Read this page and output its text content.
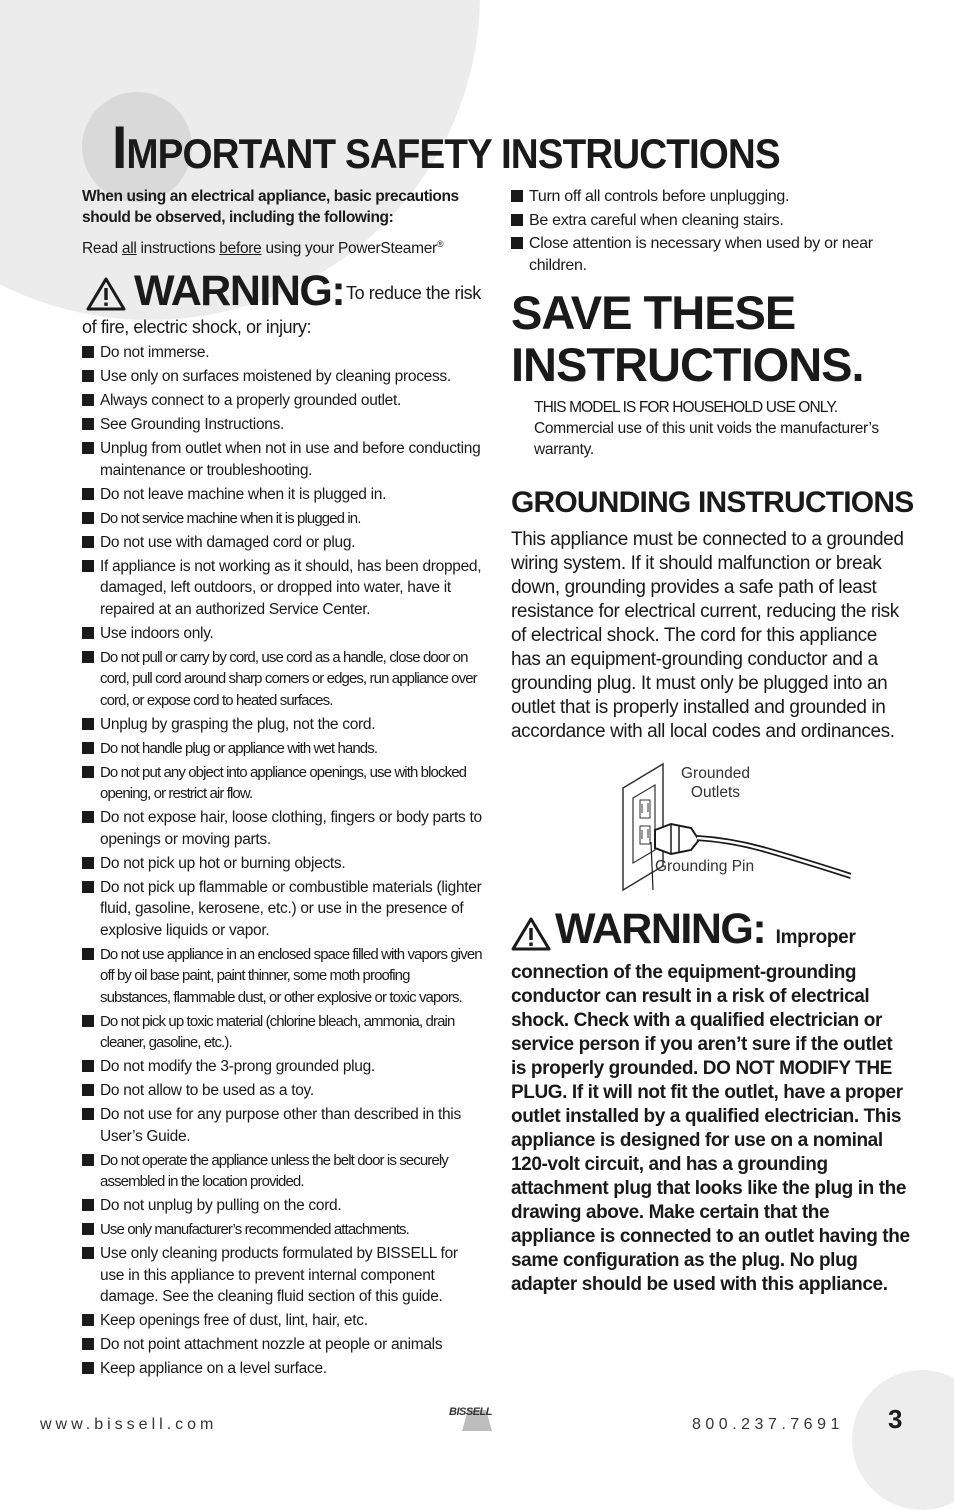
IMPORTANT SAFETY INSTRUCTIONS

When using an electrical appliance, basic precautions should be observed, including the following:

Read all instructions before using your PowerSteamer®

WARNING: To reduce the risk

of fire, electric shock, or injury:

Do not immerse.
Use only on surfaces moistened by cleaning process.
Always connect to a properly grounded outlet.
See Grounding Instructions.
Unplug from outlet when not in use and before conducting maintenance or troubleshooting.
Do not leave machine when it is plugged in.
Do not service machine when it is plugged in.
Do not use with damaged cord or plug.
If appliance is not working as it should, has been dropped, damaged, left outdoors, or dropped into water, have it repaired at an authorized Service Center.
Use indoors only.
Do not pull or carry by cord, use cord as a handle, close door on cord, pull cord around sharp corners or edges, run appliance over cord, or expose cord to heated surfaces.
Unplug by grasping the plug, not the cord.
Do not handle plug or appliance with wet hands.
Do not put any object into appliance openings, use with blocked opening, or restrict air flow.
Do not expose hair, loose clothing, fingers or body parts to openings or moving parts.
Do not pick up hot or burning objects.
Do not pick up flammable or combustible materials (lighter fluid, gasoline, kerosene, etc.) or use in the presence of explosive liquids or vapor.
Do not use appliance in an enclosed space filled with vapors given off by oil base paint, paint thinner, some moth proofing substances, flammable dust, or other explosive or toxic vapors.
Do not pick up toxic material (chlorine bleach, ammonia, drain cleaner, gasoline, etc.).
Do not modify the 3-prong grounded plug.
Do not allow to be used as a toy.
Do not use for any purpose other than described in this User’s Guide.
Do not operate the appliance unless the belt door is securely assembled in the location provided.
Do not unplug by pulling on the cord.
Use only manufacturer’s recommended attachments.
Use only cleaning products formulated by BISSELL for use in this appliance to prevent internal component damage. See the cleaning fluid section of this guide.
Keep openings free of dust, lint, hair, etc.
Do not point attachment nozzle at people or animals
Keep appliance on a level surface.
Turn off all controls before unplugging.
Be extra careful when cleaning stairs.
Close attention is necessary when used by or near children.
SAVE THESE
INSTRUCTIONS.

THIS MODEL IS FOR HOUSEHOLD USE ONLY.
Commercial use of this unit voids the manufacturer’s warranty.

GROUNDING INSTRUCTIONS

This appliance must be connected to a grounded wiring system. If it should malfunction or break down, grounding provides a safe path of least resistance for electrical current, reducing the risk of electrical shock. The cord for this appliance has an equipment-grounding conductor and a grounding plug. It must only be plugged into an outlet that is properly installed and grounded in accordance with all local codes and ordinances.

Grounded
Outlets
Grounding Pin
WARNING: Improper

connection of the equipment-grounding conductor can result in a risk of electrical shock. Check with a qualified electrician or service person if you aren’t sure if the outlet is properly grounded. DO NOT MODIFY THE PLUG. If it will not fit the outlet, have a proper outlet installed by a qualified electrician. This appliance is designed for use on a nominal 120-volt circuit, and has a grounding attachment plug that looks like the plug in the drawing above. Make certain that the appliance is connected to an outlet having the same configuration as the plug. No plug adapter should be used with this appliance.

www.bissell.com
BISSELL
800.237.7691 3
